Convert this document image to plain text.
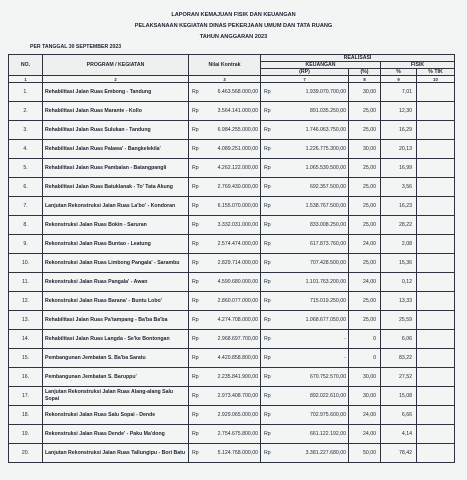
LAPORAN KEMAJUAN FISIK DAN KEUANGAN
PELAKSANAAN KEGIATAN DINAS PEKERJAAN UMUM DAN TATA RUANG
TAHUN ANGGARAN 2023
PER TANGGAL 30 SEPTEMBER 2023
NO.	PROGRAM / KEGIATAN	Nilai Kontrak		REALISASI				
				KEUANGAN			FISIK	
				(RP)		(%)	%	% TIK
1	2	3		7		8	9	10
1.	Rehabilitasi Jalan Ruas Embong - Tandung	Rp	6.463.568.000,00	Rp	1.939.070.700,00	30,00	7,01	
2.	Rehabilitasi Jalan Ruas Marante - Kollo	Rp	3.564.141.000,00	Rp	891.035.250,00	25,00	12,30	
3.	Rehabilitasi Jalan Ruas Sulukan - Tandung	Rp	6.984.255.000,00	Rp	1.746.063.750,00	25,00	16,29	
4.	Rehabilitasi Jalan Ruas Palawa' - Bangkelekila'	Rp	4.089.251.000,00	Rp	1.226.775.300,00	30,00	20,13	
5.	Rehabilitasi Jalan Ruas Pambalan - Batangpangli	Rp	4.262.122.000,00	Rp	1.065.530.500,00	25,00	16,99	
6.	Rehabilitasi Jalan Ruas Batuklanak - To' Tata Akung	Rp	2.769.430.000,00	Rp	692.357.500,00	25,00	3,56	
7.	Lanjutan Rekonstruksi Jalan Ruas La'bo' - Kondoran	Rp	6.155.070.000,00	Rp	1.538.767.500,00	25,00	16,23	
8.	Rekonstruksi Jalan Ruas Bokin - Saruran	Rp	3.332.031.000,00	Rp	833.008.250,00	25,00	28,22	
9.	Rekonstruksi Jalan Ruas Buntao - Leatung	Rp	2.574.474.000,00	Rp	617.873.760,00	24,00	2,08	
10.	Rekonstruksi Jalan Ruas Limbong Pangala' - Sarambu	Rp	2.829.714.000,00	Rp	707.428.500,00	25,00	15,36	
11.	Rekonstruksi Jalan Ruas Pangala' - Awan	Rp	4.590.680.000,00	Rp	1.101.763.200,00	24,00	0,12	
12.	Rekonstruksi Jalan Ruas Barana' - Buntu Lobo'	Rp	2.860.077.000,00	Rp	715.019.250,00	25,00	13,33	
13.	Rehabilitasi Jalan Ruas Pa'tampang - Ba'ba Ba'ba	Rp	4.274.708.000,00	Rp	1.068.677.050,00	25,00	25,59	
14.	Rehabilitasi Jalan Ruas Langda - Se'ke Bontongan	Rp	2.968.697.700,00	Rp	-	0	6,06	
15.	Pembangunan Jembatan S. Ba'ba Saratu	Rp	4.420.858.800,00	Rp	-	0	83,22	
16.	Pembangunan Jembatan S. Baruppu'	Rp	2.235.841.900,00	Rp	670.752.570,00	30,00	27,52	
17.	Lanjutan Rekonstruksi Jalan Ruas Alang-alang Salu Sopai	Rp	2.973.408.700,00	Rp	892.022.610,00	30,00	15,08	
18.	Rekonstruksi Jalan Ruas Salu Sopai - Dende	Rp	2.929.065.000,00	Rp	702.975.600,00	24,00	6,66	
19.	Rekonstruksi Jalan Ruas Dende' - Paku Ma'dong	Rp	2.754.675.800,00	Rp	661.122.192,00	24,00	4,14	
20.	Lanjutan Rekonstruksi Jalan Ruas Tallungipu - Bori Batu	Rp	5.124.768.000,00	Rp	3.381.227.680,00	50,00	78,42	
